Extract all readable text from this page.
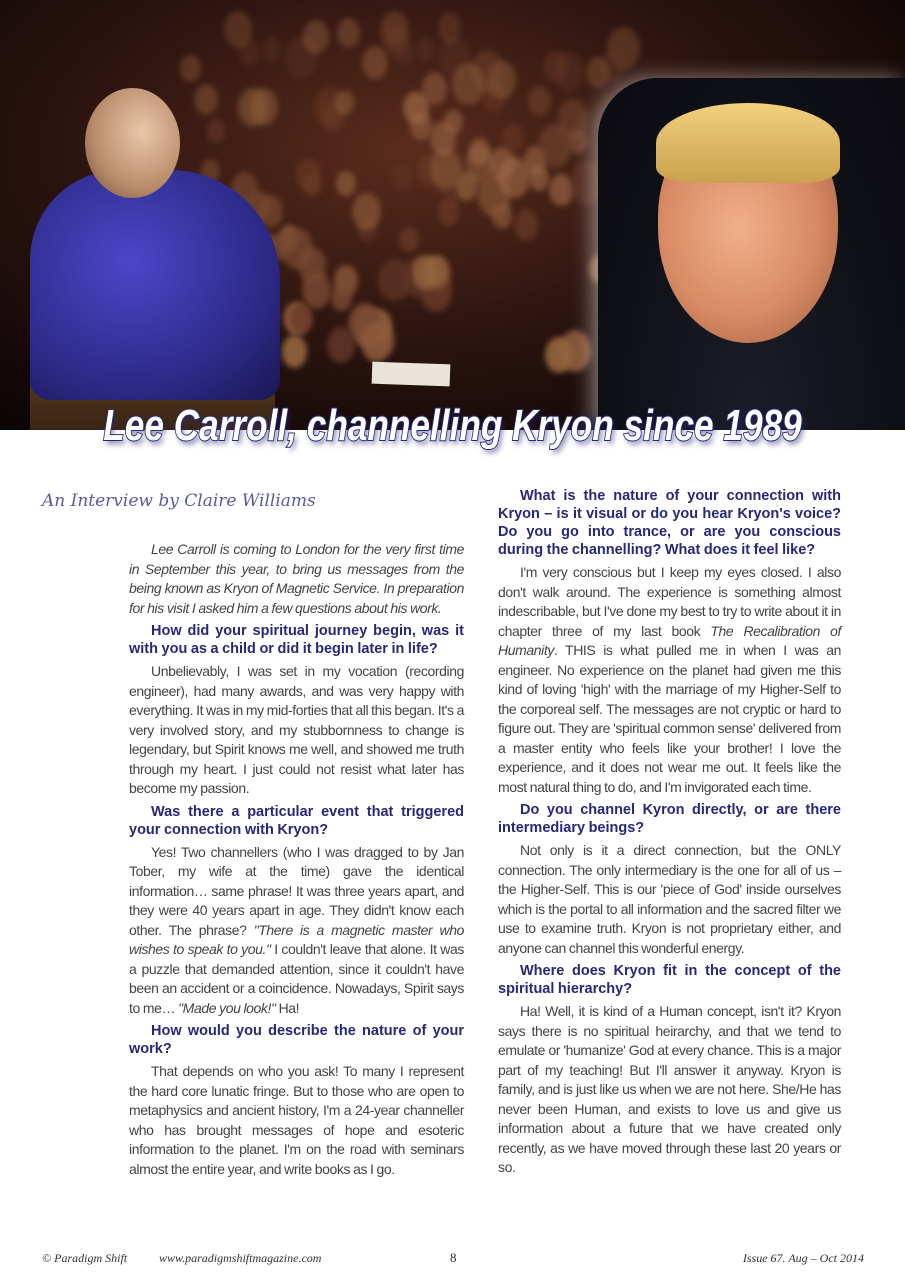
Lee Carroll, channelling Kryon since 1989
An Interview by Claire Williams

Lee Carroll is coming to London for the very first time in September this year, to bring us messages from the being known as Kryon of Magnetic Service. In preparation for his visit I asked him a few questions about his work.

How did your spiritual journey begin, was it with you as a child or did it begin later in life?

Unbelievably, I was set in my vocation (recording engineer), had many awards, and was very happy with everything. It was in my mid-forties that all this began. It's a very involved story, and my stubbornness to change is legendary, but Spirit knows me well, and showed me truth through my heart. I just could not resist what later has become my passion.

Was there a particular event that triggered your connection with Kryon?

Yes! Two channellers (who I was dragged to by Jan Tober, my wife at the time) gave the identical information… same phrase! It was three years apart, and they were 40 years apart in age. They didn't know each other. The phrase? "There is a magnetic master who wishes to speak to you." I couldn't leave that alone. It was a puzzle that demanded attention, since it couldn't have been an accident or a coincidence. Nowadays, Spirit says to me… "Made you look!" Ha!

How would you describe the nature of your work?

That depends on who you ask! To many I represent the hard core lunatic fringe. But to those who are open to metaphysics and ancient history, I'm a 24-year channeller who has brought messages of hope and esoteric information to the planet. I'm on the road with seminars almost the entire year, and write books as I go.

What is the nature of your connection with Kryon – is it visual or do you hear Kryon's voice? Do you go into trance, or are you conscious during the channelling? What does it feel like?

I'm very conscious but I keep my eyes closed. I also don't walk around. The experience is something almost indescribable, but I've done my best to try to write about it in chapter three of my last book The Recalibration of Humanity. THIS is what pulled me in when I was an engineer. No experience on the planet had given me this kind of loving 'high' with the marriage of my Higher-Self to the corporeal self. The messages are not cryptic or hard to figure out. They are 'spiritual common sense' delivered from a master entity who feels like your brother! I love the experience, and it does not wear me out. It feels like the most natural thing to do, and I'm invigorated each time.

Do you channel Kyron directly, or are there intermediary beings?

Not only is it a direct connection, but the ONLY connection. The only intermediary is the one for all of us – the Higher-Self. This is our 'piece of God' inside ourselves which is the portal to all information and the sacred filter we use to examine truth. Kryon is not proprietary either, and anyone can channel this wonderful energy.

Where does Kryon fit in the concept of the spiritual hierarchy?

Ha! Well, it is kind of a Human concept, isn't it? Kryon says there is no spiritual heirarchy, and that we tend to emulate or 'humanize' God at every chance. This is a major part of my teaching! But I'll answer it anyway. Kryon is family, and is just like us when we are not here. She/He has never been Human, and exists to love us and give us information about a future that we have created only recently, as we have moved through these last 20 years or so.

© Paradigm Shift	www.paradigmshiftmagazine.com	8	Issue 67. Aug – Oct 2014
